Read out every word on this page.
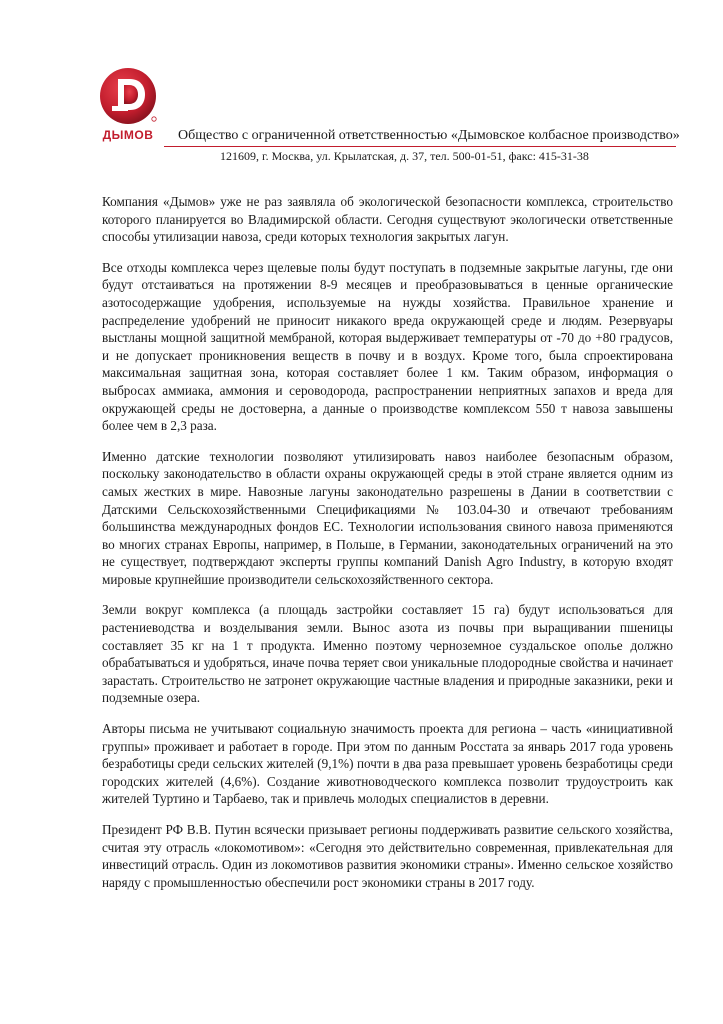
ДЫМОВ Общество с ограниченной ответственностью «Дымовское колбасное производство»
121609, г. Москва, ул. Крылатская, д. 37, тел. 500-01-51, факс: 415-31-38

Компания «Дымов» уже не раз заявляла об экологической безопасности комплекса, строительство которого планируется во Владимирской области. Сегодня существуют экологически ответственные способы утилизации навоза, среди которых технология закрытых лагун.

Все отходы комплекса через щелевые полы будут поступать в подземные закрытые лагуны, где они будут отстаиваться на протяжении 8-9 месяцев и преобразовываться в ценные органические азотосодержащие удобрения, используемые на нужды хозяйства. Правильное хранение и распределение удобрений не приносит никакого вреда окружающей среде и людям. Резервуары выстланы мощной защитной мембраной, которая выдерживает температуры от -70 до +80 градусов, и не допускает проникновения веществ в почву и в воздух. Кроме того, была спроектирована максимальная защитная зона, которая составляет более 1 км. Таким образом, информация о выбросах аммиака, аммония и сероводорода, распространении неприятных запахов и вреда для окружающей среды не достоверна, а данные о производстве комплексом 550 т навоза завышены более чем в 2,3 раза.

Именно датские технологии позволяют утилизировать навоз наиболее безопасным образом, поскольку законодательство в области охраны окружающей среды в этой стране является одним из самых жестких в мире. Навозные лагуны законодательно разрешены в Дании в соответствии с Датскими Сельскохозяйственными Спецификациями № 103.04-30 и отвечают требованиям большинства международных фондов ЕС. Технологии использования свиного навоза применяются во многих странах Европы, например, в Польше, в Германии, законодательных ограничений на это не существует, подтверждают эксперты группы компаний Danish Agro Industry, в которую входят мировые крупнейшие производители сельскохозяйственного сектора.

Земли вокруг комплекса (а площадь застройки составляет 15 га) будут использоваться для растениеводства и возделывания земли. Вынос азота из почвы при выращивании пшеницы составляет 35 кг на 1 т продукта. Именно поэтому черноземное суздальское ополье должно обрабатываться и удобряться, иначе почва теряет свои уникальные плодородные свойства и начинает зарастать. Строительство не затронет окружающие частные владения и природные заказники, реки и подземные озера.

Авторы письма не учитывают социальную значимость проекта для региона – часть «инициативной группы» проживает и работает в городе. При этом по данным Росстата за январь 2017 года уровень безработицы среди сельских жителей (9,1%) почти в два раза превышает уровень безработицы среди городских жителей (4,6%). Создание животноводческого комплекса позволит трудоустроить как жителей Туртино и Тарбаево, так и привлечь молодых специалистов в деревни.

Президент РФ В.В. Путин всячески призывает регионы поддерживать развитие сельского хозяйства, считая эту отрасль «локомотивом»: «Сегодня это действительно современная, привлекательная для инвестиций отрасль. Один из локомотивов развития экономики страны». Именно сельское хозяйство наряду с промышленностью обеспечили рост экономики страны в 2017 году.
